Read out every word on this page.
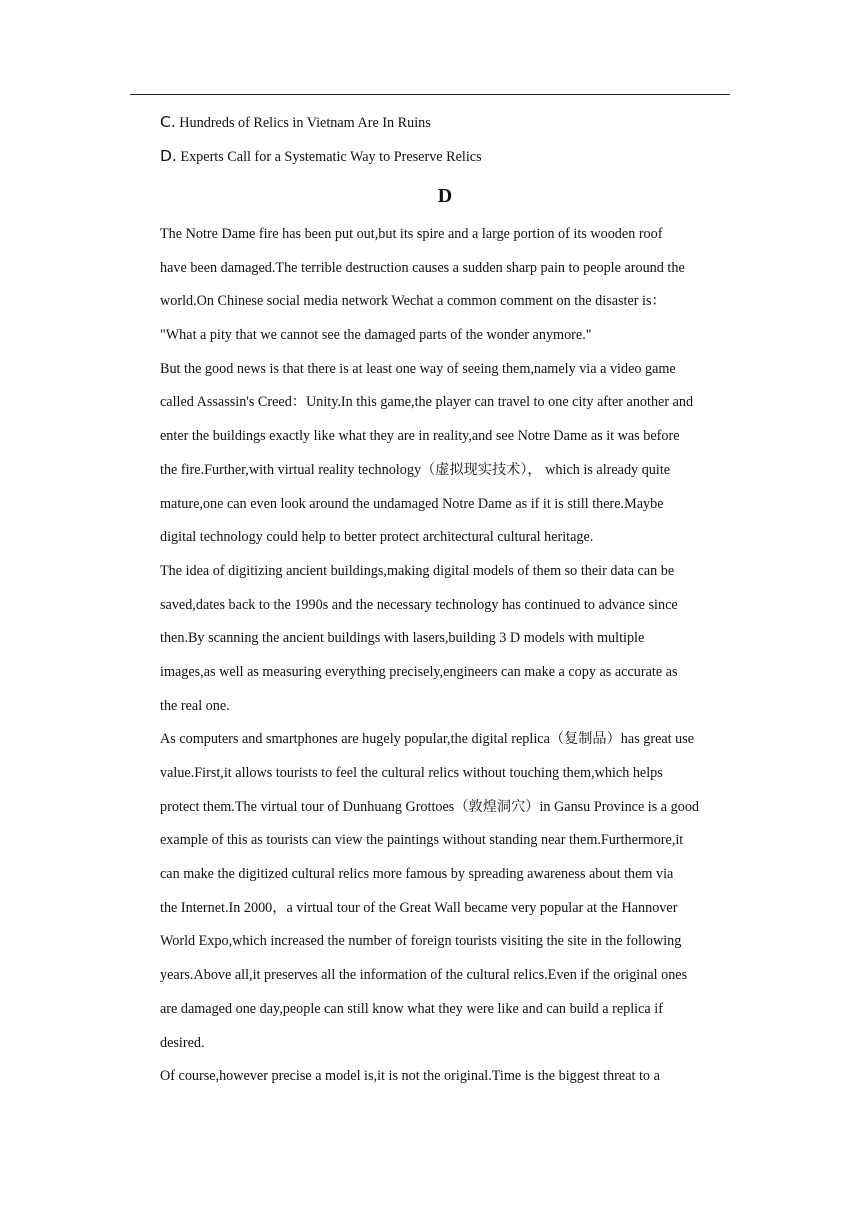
C. Hundreds of Relics in Vietnam Are In Ruins
D. Experts Call for a Systematic Way to Preserve Relics
D
The Notre Dame fire has been put out,but its spire and a large portion of its wooden roof
have been damaged.The terrible destruction causes a sudden sharp pain to people around the
world.On Chinese social media network Wechat a common comment on the disaster is：
"What a pity that we cannot see the damaged parts of the wonder anymore."
But the good news is that there is at least one way of seeing them,namely via a video game
called Assassin's Creed：Unity.In this game,the player can travel to one city after another and
enter the buildings exactly like what they are in reality,and see Notre Dame as it was before
the fire.Further,with virtual reality technology（虚拟现实技术）， which is already quite
mature,one can even look around the undamaged Notre Dame as if it is still there.Maybe
digital technology could help to better protect architectural cultural heritage.
The idea of digitizing ancient buildings,making digital models of them so their data can be
saved,dates back to the 1990s and the necessary technology has continued to advance since
then.By scanning the ancient buildings with lasers,building 3 D models with multiple
images,as well as measuring everything precisely,engineers can make a copy as accurate as
the real one.
As computers and smartphones are hugely popular,the digital replica（复制品）has great use
value.First,it allows tourists to feel the cultural relics without touching them,which helps
protect them.The virtual tour of Dunhuang Grottoes（敦煌洞穴）in Gansu Province is a good
example of this as tourists can view the paintings without standing near them.Furthermore,it
can make the digitized cultural relics more famous by spreading awareness about them via
the Internet.In 2000，a virtual tour of the Great Wall became very popular at the Hannover
World Expo,which increased the number of foreign tourists visiting the site in the following
years.Above all,it preserves all the information of the cultural relics.Even if the original ones
are damaged one day,people can still know what they were like and can build a replica if
desired.
Of course,however precise a model is,it is not the original.Time is the biggest threat to a
